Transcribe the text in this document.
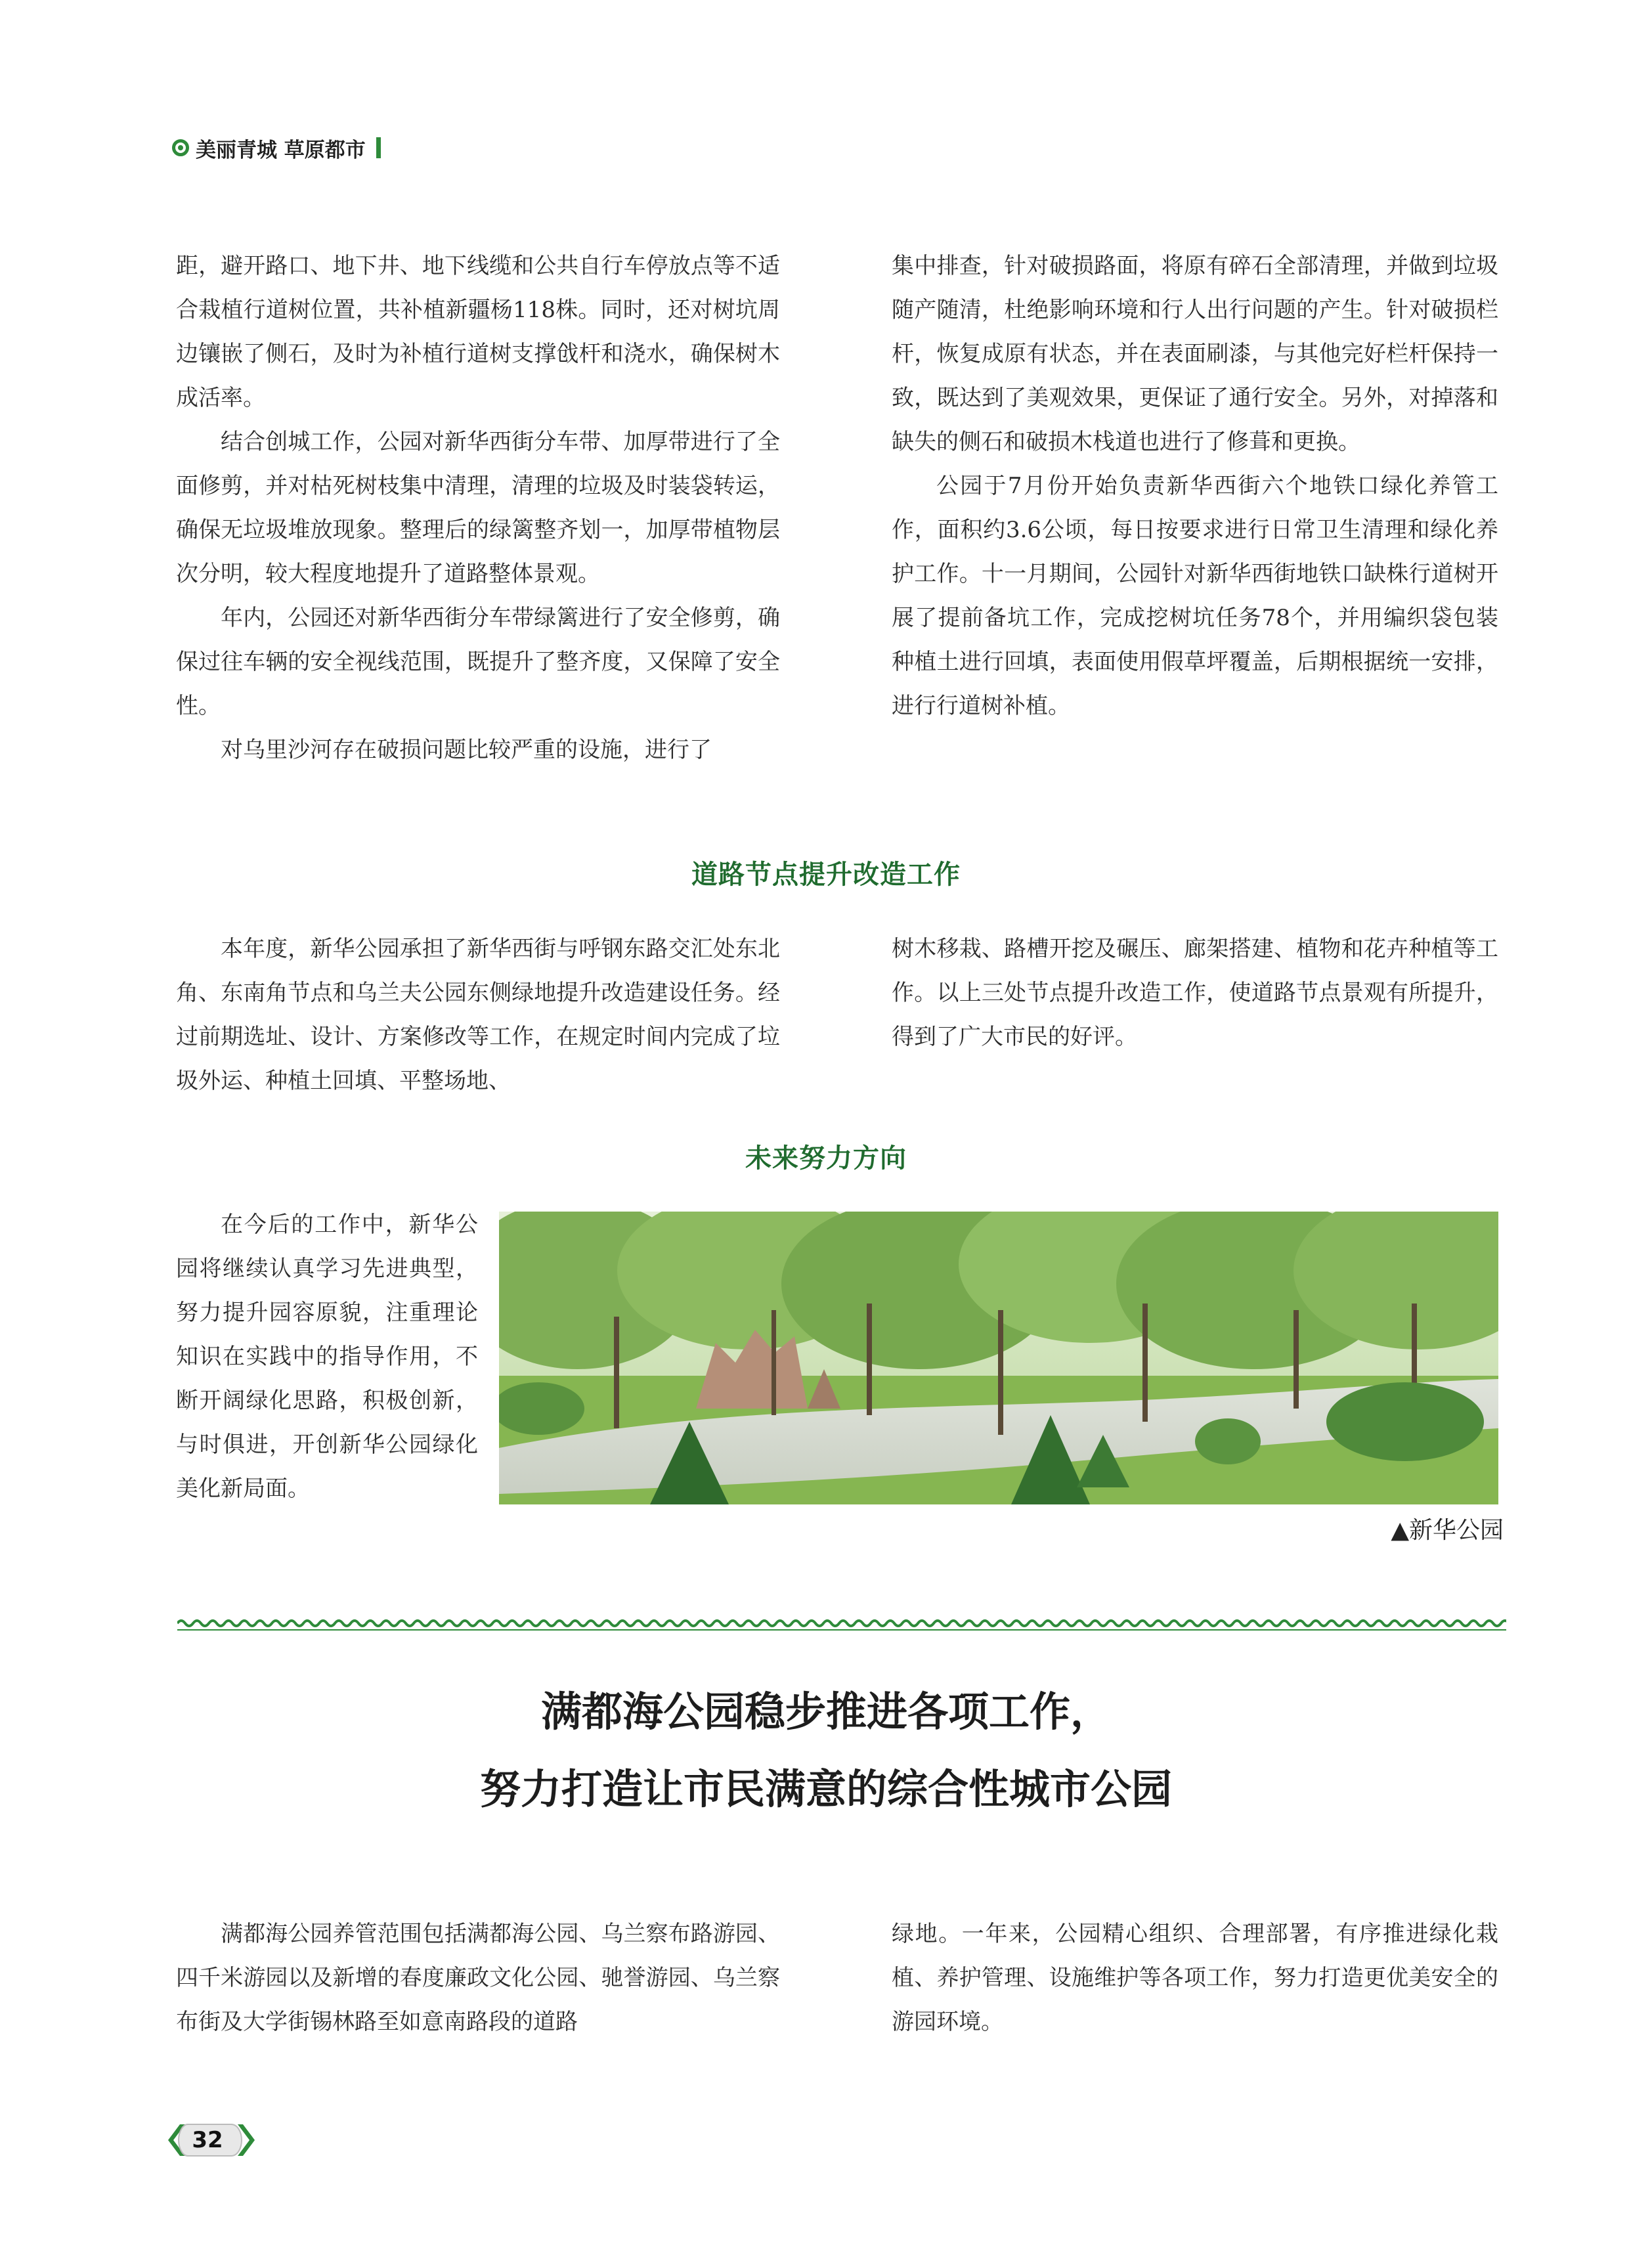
美丽青城 草原都市

距，避开路口、地下井、地下线缆和公共自行车停放点等不适合栽植行道树位置，共补植新疆杨118株。同时，还对树坑周边镶嵌了侧石，及时为补植行道树支撑戗杆和浇水，确保树木成活率。

结合创城工作，公园对新华西街分车带、加厚带进行了全面修剪，并对枯死树枝集中清理，清理的垃圾及时装袋转运，确保无垃圾堆放现象。整理后的绿篱整齐划一，加厚带植物层次分明，较大程度地提升了道路整体景观。

年内，公园还对新华西街分车带绿篱进行了安全修剪，确保过往车辆的安全视线范围，既提升了整齐度，又保障了安全性。

对乌里沙河存在破损问题比较严重的设施，进行了

集中排查，针对破损路面，将原有碎石全部清理，并做到垃圾随产随清，杜绝影响环境和行人出行问题的产生。针对破损栏杆，恢复成原有状态，并在表面刷漆，与其他完好栏杆保持一致，既达到了美观效果，更保证了通行安全。另外，对掉落和缺失的侧石和破损木栈道也进行了修葺和更换。

公园于7月份开始负责新华西街六个地铁口绿化养管工作，面积约3.6公顷，每日按要求进行日常卫生清理和绿化养护工作。十一月期间，公园针对新华西街地铁口缺株行道树开展了提前备坑工作，完成挖树坑任务78个，并用编织袋包装种植土进行回填，表面使用假草坪覆盖，后期根据统一安排，进行行道树补植。

道路节点提升改造工作

本年度，新华公园承担了新华西街与呼钢东路交汇处东北角、东南角节点和乌兰夫公园东侧绿地提升改造建设任务。经过前期选址、设计、方案修改等工作，在规定时间内完成了垃圾外运、种植土回填、平整场地、

树木移栽、路槽开挖及碾压、廊架搭建、植物和花卉种植等工作。以上三处节点提升改造工作，使道路节点景观有所提升，得到了广大市民的好评。

未来努力方向

在今后的工作中，新华公园将继续认真学习先进典型，努力提升园容原貌，注重理论知识在实践中的指导作用，不断开阔绿化思路，积极创新，与时俱进，开创新华公园绿化美化新局面。

▲新华公园
满都海公园稳步推进各项工作，
努力打造让市民满意的综合性城市公园

满都海公园养管范围包括满都海公园、乌兰察布路游园、四千米游园以及新增的春度廉政文化公园、驰誉游园、乌兰察布街及大学街锡林路至如意南路段的道路

绿地。一年来，公园精心组织、合理部署，有序推进绿化栽植、养护管理、设施维护等各项工作，努力打造更优美安全的游园环境。

32
